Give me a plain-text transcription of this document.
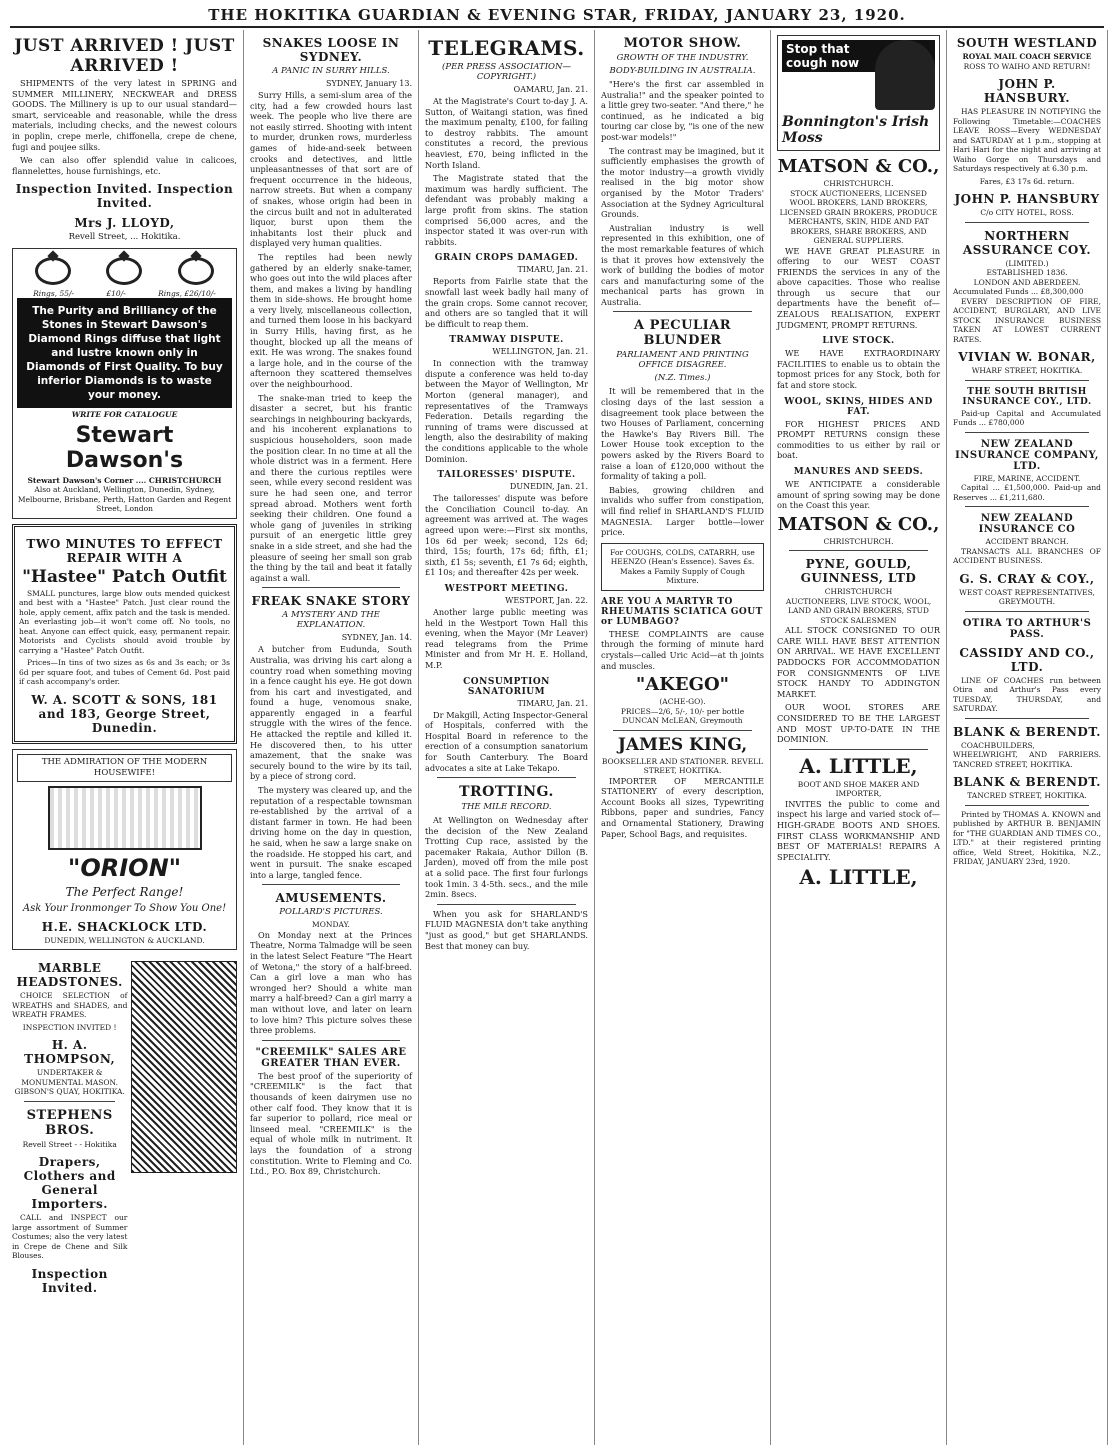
THE HOKITIKA GUARDIAN & EVENING STAR, FRIDAY, JANUARY 23, 1920.
JUST ARRIVED ! JUST ARRIVED !

SHIPMENTS of the very latest in SPRING and SUMMER MILLINERY, NECKWEAR and DRESS GOODS. The Millinery is up to our usual standard—smart, serviceable and reasonable, while the dress materials, including checks, and the newest colours in poplin, crepe merle, chiffonella, crepe de chene, fugi and poujee silks.

We can also offer splendid value in calicoes, flannelettes, house furnishings, etc.

Inspection Invited. Inspection Invited.
Mrs J. LLOYD,
Revell Street, ... Hokitika.
Rings, 55/-	£10/-	Rings, £26/10/-
The Purity and Brilliancy of the Stones in Stewart Dawson's Diamond Rings diffuse that light and lustre known only in Diamonds of First Quality. To buy inferior Diamonds is to waste your money.
WRITE FOR CATALOGUE
Stewart Dawson's
Stewart Dawson's Corner .... CHRISTCHURCH
Also at Auckland, Wellington, Dunedin, Sydney, Melbourne, Brisbane, Perth, Hatton Garden and Regent Street, London
TWO MINUTES TO EFFECT REPAIR WITH A
"Hastee" Patch Outfit

SMALL punctures, large blow outs mended quickest and best with a "Hastee" Patch. Just clear round the hole, apply cement, affix patch and the task is mended. An everlasting job—it won't come off. No tools, no heat. Anyone can effect quick, easy, permanent repair. Motorists and Cyclists should avoid trouble by carrying a "Hastee" Patch Outfit.

Prices—In tins of two sizes as 6s and 3s each; or 3s 6d per square foot, and tubes of Cement 6d. Post paid if cash accompany's order.

W. A. SCOTT & SONS, 181 and 183, George Street, Dunedin.
THE ADMIRATION OF THE MODERN HOUSEWIFE!
"ORION"
The Perfect Range!
Ask Your Ironmonger To Show You One!
H.E. SHACKLOCK LTD.
DUNEDIN, WELLINGTON & AUCKLAND.
MARBLE HEADSTONES.

CHOICE SELECTION of WREATHS and SHADES, and WREATH FRAMES.

INSPECTION INVITED !
H. A. THOMPSON,
UNDERTAKER & MONUMENTAL MASON.
GIBSON'S QUAY, HOKITIKA.
STEPHENS BROS.
Revell Street - - Hokitika
Drapers, Clothers and General Importers.

CALL and INSPECT our large assortment of Summer Costumes; also the very latest in Crepe de Chene and Silk Blouses.

Inspection Invited.
SNAKES LOOSE IN SYDNEY.
A PANIC IN SURRY HILLS.
SYDNEY, January 13.

Surry Hills, a semi-slum area of the city, had a few crowded hours last week. The people who live there are not easily stirred. Shooting with intent to murder, drunken rows, murderless games of hide-and-seek between crooks and detectives, and little unpleasantnesses of that sort are of frequent occurrence in the hideous, narrow streets. But when a company of snakes, whose origin had been in the circus built and not in adulterated liquor, burst upon them the inhabitants lost their pluck and displayed very human qualities.

The reptiles had been newly gathered by an elderly snake-tamer, who goes out into the wild places after them, and makes a living by handling them in side-shows. He brought home a very lively, miscellaneous collection, and turned them loose in his backyard in Surry Hills, having first, as he thought, blocked up all the means of exit. He was wrong. The snakes found a large hole, and in the course of the afternoon they scattered themselves over the neighbourhood.

The snake-man tried to keep the disaster a secret, but his frantic searchings in neighbouring backyards, and his incoherent explanations to suspicious householders, soon made the position clear. In no time at all the whole district was in a ferment. Here and there the curious reptiles were seen, while every second resident was sure he had seen one, and terror spread abroad. Mothers went forth seeking their children. One found a whole gang of juveniles in striking pursuit of an energetic little grey snake in a side street, and she had the pleasure of seeing her small son grab the thing by the tail and beat it fatally against a wall.

FREAK SNAKE STORY
A MYSTERY AND THE EXPLANATION.
SYDNEY, Jan. 14.

A butcher from Eudunda, South Australia, was driving his cart along a country road when something moving in a fence caught his eye. He got down from his cart and investigated, and found a huge, venomous snake, apparently engaged in a fearful struggle with the wires of the fence. He attacked the reptile and killed it. He discovered then, to his utter amazement, that the snake was securely bound to the wire by its tail, by a piece of strong cord.

The mystery was cleared up, and the reputation of a respectable townsman re-established by the arrival of a distant farmer in town. He had been driving home on the day in question, he said, when he saw a large snake on the roadside. He stopped his cart, and went in pursuit. The snake escaped into a large, tangled fence.

AMUSEMENTS.
POLLARD'S PICTURES.
MONDAY.

On Monday next at the Princes Theatre, Norma Talmadge will be seen in the latest Select Feature "The Heart of Wetona," the story of a half-breed. Can a girl love a man who has wronged her? Should a white man marry a half-breed? Can a girl marry a man without love, and later on learn to love him? This picture solves these three problems.

"CREEMILK" SALES ARE GREATER THAN EVER.

The best proof of the superiority of "CREEMILK" is the fact that thousands of keen dairymen use no other calf food. They know that it is far superior to pollard, rice meal or linseed meal. "CREEMILK" is the equal of whole milk in nutriment. It lays the foundation of a strong constitution. Write to Fleming and Co. Ltd., P.O. Box 89, Christchurch.

TELEGRAMS.
(PER PRESS ASSOCIATION—COPYRIGHT.)
OAMARU, Jan. 21.

At the Magistrate's Court to-day J. A. Sutton, of Waitangi station, was fined the maximum penalty, £100, for failing to destroy rabbits. The amount constitutes a record, the previous heaviest, £70, being inflicted in the North Island.

The Magistrate stated that the maximum was hardly sufficient. The defendant was probably making a large profit from skins. The station comprised 56,000 acres, and the inspector stated it was over-run with rabbits.

GRAIN CROPS DAMAGED.
TIMARU, Jan. 21.

Reports from Fairlie state that the snowfall last week badly hail many of the grain crops. Some cannot recover, and others are so tangled that it will be difficult to reap them.

TRAMWAY DISPUTE.
WELLINGTON, Jan. 21.

In connection with the tramway dispute a conference was held to-day between the Mayor of Wellington, Mr Morton (general manager), and representatives of the Tramways Federation. Details regarding the running of trams were discussed at length, also the desirability of making the conditions applicable to the whole Dominion.

TAILORESSES' DISPUTE.
DUNEDIN, Jan. 21.

The tailoresses' dispute was before the Conciliation Council to-day. An agreement was arrived at. The wages agreed upon were:—First six months, 10s 6d per week; second, 12s 6d; third, 15s; fourth, 17s 6d; fifth, £1; sixth, £1 5s; seventh, £1 7s 6d; eighth, £1 10s; and thereafter 42s per week.

WESTPORT MEETING.
WESTPORT, Jan. 22.

Another large public meeting was held in the Westport Town Hall this evening, when the Mayor (Mr Leaver) read telegrams from the Prime Minister and from Mr H. E. Holland, M.P.

CONSUMPTION SANATORIUM
TIMARU, Jan. 21.

Dr Makgill, Acting Inspector-General of Hospitals, conferred with the Hospital Board in reference to the erection of a consumption sanatorium for South Canterbury. The Board advocates a site at Lake Tekapo.

TROTTING.
THE MILE RECORD.

At Wellington on Wednesday after the decision of the New Zealand Trotting Cup race, assisted by the pacemaker Rakaia, Author Dillon (B. Jarden), moved off from the mile post at a solid pace. The first four furlongs took 1min. 3 4-5th. secs., and the mile 2min. 8secs.

When you ask for SHARLAND'S FLUID MAGNESIA don't take anything "just as good," but get SHARLANDS. Best that money can buy.

MOTOR SHOW.
GROWTH OF THE INDUSTRY.
BODY-BUILDING IN AUSTRALIA.

"Here's the first car assembled in Australia!" and the speaker pointed to a little grey two-seater. "And there," he continued, as he indicated a big touring car close by, "is one of the new post-war models!"

The contrast may be imagined, but it sufficiently emphasises the growth of the motor industry—a growth vividly realised in the big motor show organised by the Motor Traders' Association at the Sydney Agricultural Grounds.

Australian industry is well represented in this exhibition, one of the most remarkable features of which is that it proves how extensively the work of building the bodies of motor cars and manufacturing some of the mechanical parts has grown in Australia.

A PECULIAR BLUNDER
PARLIAMENT AND PRINTING OFFICE DISAGREE.
(N.Z. Times.)

It will be remembered that in the closing days of the last session a disagreement took place between the two Houses of Parliament, concerning the Hawke's Bay Rivers Bill. The Lower House took exception to the powers asked by the Rivers Board to raise a loan of £120,000 without the formality of taking a poll.

Babies, growing children and invalids who suffer from constipation, will find relief in SHARLAND'S FLUID MAGNESIA. Larger bottle—lower price.

For COUGHS, COLDS, CATARRH, use HEENZO (Hean's Essence). Saves £s. Makes a Family Supply of Cough Mixture.
ARE YOU A MARTYR TO RHEUMATIS SCIATICA GOUT or LUMBAGO?

THESE COMPLAINTS are cause through the forming of minute hard crystals—called Uric Acid—at th joints and muscles.

"AKEGO"
(ACHE-GO).
PRICES—2/6, 5/-, 10/- per bottle
DUNCAN McLEAN, Greymouth
JAMES KING,
BOOKSELLER AND STATIONER. REVELL STREET, HOKITIKA.

IMPORTER OF MERCANTILE STATIONERY of every description, Account Books all sizes, Typewriting Ribbons, paper and sundries, Fancy and Ornamental Stationery, Drawing Paper, School Bags, and requisites.

Stop that cough now
Bonnington's Irish Moss
MATSON & CO.,
CHRISTCHURCH.
STOCK AUCTIONEERS, LICENSED WOOL BROKERS, LAND BROKERS, LICENSED GRAIN BROKERS, PRODUCE MERCHANTS, SKIN, HIDE AND FAT BROKERS, SHARE BROKERS, AND GENERAL SUPPLIERS.

WE HAVE GREAT PLEASURE in offering to our WEST COAST FRIENDS the services in any of the above capacities. Those who realise through us secure that our departments have the benefit of—ZEALOUS REALISATION, EXPERT JUDGMENT, PROMPT RETURNS.

LIVE STOCK.

WE HAVE EXTRAORDINARY FACILITIES to enable us to obtain the topmost prices for any Stock, both for fat and store stock.

WOOL, SKINS, HIDES AND FAT.

FOR HIGHEST PRICES AND PROMPT RETURNS consign these commodities to us either by rail or boat.

MANURES AND SEEDS.

WE ANTICIPATE a considerable amount of spring sowing may be done on the Coast this year.

MATSON & CO.,
CHRISTCHURCH.
PYNE, GOULD, GUINNESS, LTD
CHRISTCHURCH
AUCTIONEERS, LIVE STOCK, WOOL, LAND AND GRAIN BROKERS, STUD STOCK SALESMEN

ALL STOCK CONSIGNED TO OUR CARE WILL HAVE BEST ATTENTION ON ARRIVAL. WE HAVE EXCELLENT PADDOCKS FOR ACCOMMODATION FOR CONSIGNMENTS OF LIVE STOCK HANDY TO ADDINGTON MARKET.

OUR WOOL STORES ARE CONSIDERED TO BE THE LARGEST AND MOST UP-TO-DATE IN THE DOMINION.

A. LITTLE,
BOOT AND SHOE MAKER AND IMPORTER,

INVITES the public to come and inspect his large and varied stock of—HIGH-GRADE BOOTS AND SHOES. FIRST CLASS WORKMANSHIP AND BEST OF MATERIALS! REPAIRS A SPECIALITY.

A. LITTLE,
SOUTH WESTLAND
ROYAL MAIL COACH SERVICE
ROSS TO WAIHO AND RETURN!
JOHN P. HANSBURY.

HAS PLEASURE IN NOTIFYING the Following Timetable:—COACHES LEAVE ROSS—Every WEDNESDAY and SATURDAY at 1 p.m., stopping at Hari Hari for the night and arriving at Waiho Gorge on Thursdays and Saturdays respectively at 6.30 p.m.

Fares, £3 17s 6d. return.
JOHN P. HANSBURY
C/o CITY HOTEL, ROSS.
NORTHERN ASSURANCE COY.
(LIMITED.)
ESTABLISHED 1836.
LONDON AND ABERDEEN.
Accumulated Funds ... £8,300,000

EVERY DESCRIPTION OF FIRE, ACCIDENT, BURGLARY, AND LIVE STOCK INSURANCE BUSINESS TAKEN AT LOWEST CURRENT RATES.

VIVIAN W. BONAR,
WHARF STREET, HOKITIKA.
THE SOUTH BRITISH INSURANCE COY., LTD.

Paid-up Capital and Accumulated Funds ... £780,000

NEW ZEALAND INSURANCE COMPANY, LTD.
FIRE, MARINE, ACCIDENT.

Capital ... £1,500,000. Paid-up and Reserves ... £1,211,680.

NEW ZEALAND INSURANCE CO
ACCIDENT BRANCH.

TRANSACTS ALL BRANCHES OF ACCIDENT BUSINESS.

G. S. CRAY & COY.,
WEST COAST REPRESENTATIVES, GREYMOUTH.
OTIRA TO ARTHUR'S PASS.
CASSIDY AND CO., LTD.

LINE OF COACHES run between Otira and Arthur's Pass every TUESDAY, THURSDAY, and SATURDAY.

BLANK & BERENDT.

COACHBUILDERS, WHEELWRIGHT, AND FARRIERS. TANCRED STREET, HOKITIKA.

BLANK & BERENDT.
TANCRED STREET, HOKITIKA.

Printed by THOMAS A. KNOWN and published by ARTHUR B. BENJAMIN for "THE GUARDIAN AND TIMES CO., LTD." at their registered printing office, Weld Street, Hokitika, N.Z., FRIDAY, JANUARY 23rd, 1920.
